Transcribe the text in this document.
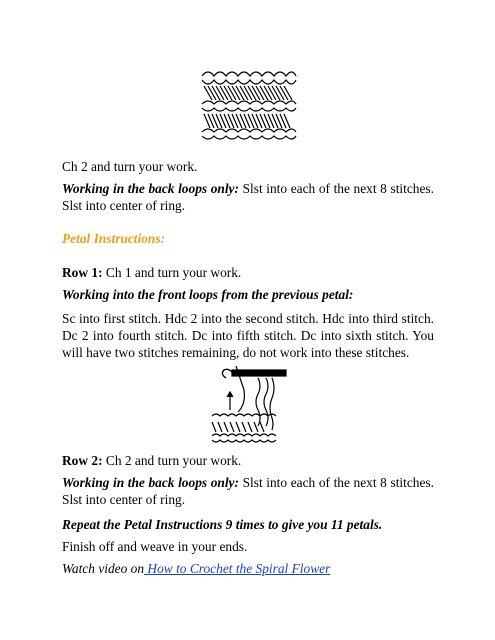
Ch 2 and turn your work.

Working in the back loops only: Slst into each of the next 8 stitches. Slst into center of ring.

Petal Instructions:

Row 1: Ch 1 and turn your work.

Working into the front loops from the previous petal:

Sc into first stitch. Hdc 2 into the second stitch. Hdc into third stitch. Dc 2 into fourth stitch. Dc into fifth stitch. Dc into sixth stitch. You will have two stitches remaining, do not work into these stitches.

Row 2: Ch 2 and turn your work.

Working in the back loops only: Slst into each of the next 8 stitches. Slst into center of ring.

Repeat the Petal Instructions 9 times to give you 11 petals.

Finish off and weave in your ends.

Watch video on How to Crochet the Spiral Flower
